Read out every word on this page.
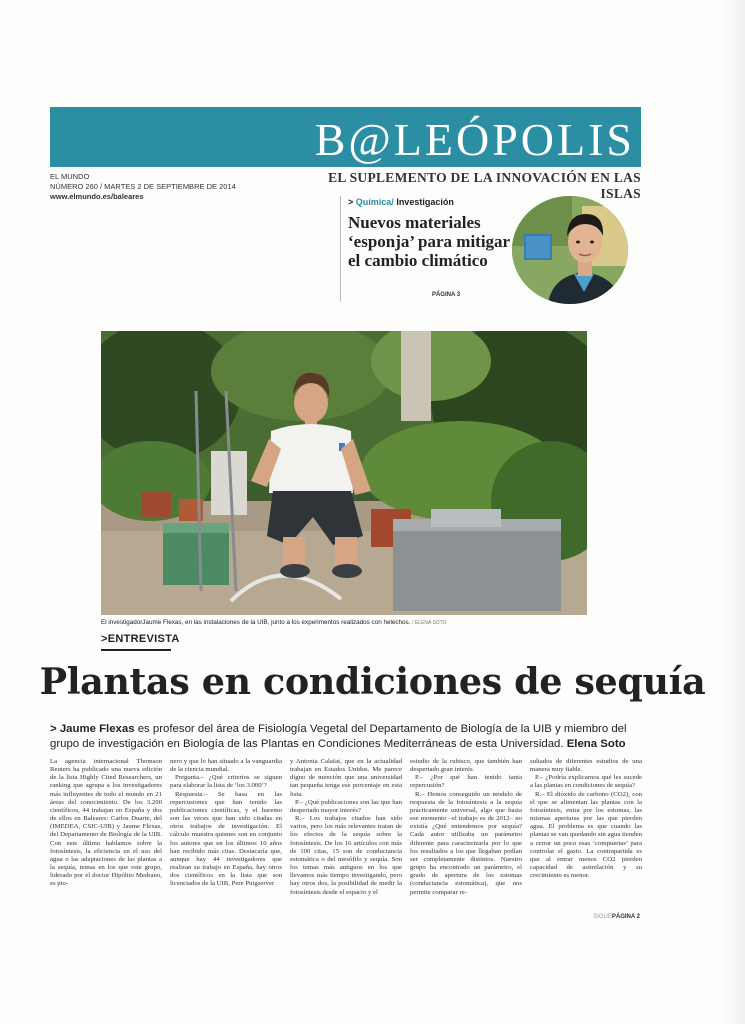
B@LEÓPOLIS
EL MUNDO
NÚMERO 260 / MARTES 2 DE SEPTIEMBRE DE 2014
www.elmundo.es/baleares
EL SUPLEMENTO DE LA INNOVACIÓN EN LAS ISLAS
> Química/ Investigación
Nuevos materiales ‘esponja’ para mitigar el cambio climático
PÁGINA 3
El investigadorJaume Flexas, en las instalaciones de la UIB, junto a los experimentos realizados con helechos. / ELENA SOTO
>ENTREVISTA
Plantas en condiciones de sequía
> Jaume Flexas es profesor del área de Fisiología Vegetal del Departamento de Biología de la UIB y miembro del grupo de investigación en Biología de las Plantas en Condiciones Mediterráneas de esta Universidad. Elena Soto

La agencia internacional Thomson Reuters ha publicado una nueva edición de la lista Highly Cited Researchers, un ranking que agrupa a los investigadores más influyentes de todo el mundo en 21 áreas del conocimiento. De los 3.200 científicos, 44 trabajan en España y dos de ellos en Baleares: Carlos Duarte, del (IMEDEA, CSIC-UIB) y Jaume Flexas, del Departamento de Biología de la UIB. Con este último hablamos sobre la fotosíntesis, la eficiencia en el uso del agua o las adaptaciones de las plantas a la sequía, temas en los que este grupo, liderado por el doctor Hipólito Medrano, es pio-

nero y que lo han situado a la vanguardia de la ciencia mundial.

Pregunta.– ¿Qué criterios se siguen para elaborar la lista de ‘los 3.000’?

Respuesta.– Se basa en las repercusiones que han tenido las publicaciones científicas, y el baremo son las veces que han sido citadas en otros trabajos de investigación. El cálculo muestra quienes son en conjunto los autores que en los últimos 10 años han recibido más citas. Destacaría que, aunque hay 44 investigadores que realizan su trabajo en España, hay otros dos científicos en la lista que son licenciados de la UIB, Pere Puigserver

y Antonia Calafat, que en la actualidad trabajan en Estados Unidos. Me parece digno de mención que una universidad tan pequeña tenga ese porcentaje en esta lista.

P.– ¿Qué publicaciones son las que han despertado mayor interés?

R.– Los trabajos citados han sido varios, pero los más relevantes tratan de los efectos de la sequía sobre la fotosíntesis. De los 16 artículos con más de 100 citas, 15 son de conductancia estomática o del mesófilo y sequía. Son los temas más antiguos en los que llevamos más tiempo investigando, pero hay otros dos, la posibilidad de medir la fotosíntesis desde el espacio y el

estudio de la rubisco, que también han despertado gran interés.

P.– ¿Por qué han tenido tanta repercusión?

R.– Hemos conseguido un modelo de respuesta de la fotosíntesis a la sequía prácticamente universal, algo que hasta ese momento –el trabajo es de 2012– no existía ¿Qué entendemos por sequía? Cada autor utilizaba un parámetro diferente para caracterizarla por lo que los resultados a los que llegaban podían ser completamente distintos. Nuestro grupo ha encontrado un parámetro, el grado de apertura de los estomas (conductancia estomática), que nos permite comparar re-

sultados de diferentes estudios de una manera muy fiable.

P.– ¿Podría explicarnos qué les sucede a las plantas en condiciones de sequía?

R.– El dióxido de carbono (CO2), con el que se alimentan las plantas con la fotosíntesis, entra por los estomas, las mismas aperturas por las que pierden agua. El problema es que cuando las plantas se van quedando sin agua tienden a cerrar un poco esas ‘compuertas’ para controlar el gasto. La contrapartida es que al entrar menos CO2 pierden capacidad de asimilación y su crecimiento es menor.

SIGUEPÁGINA 2
